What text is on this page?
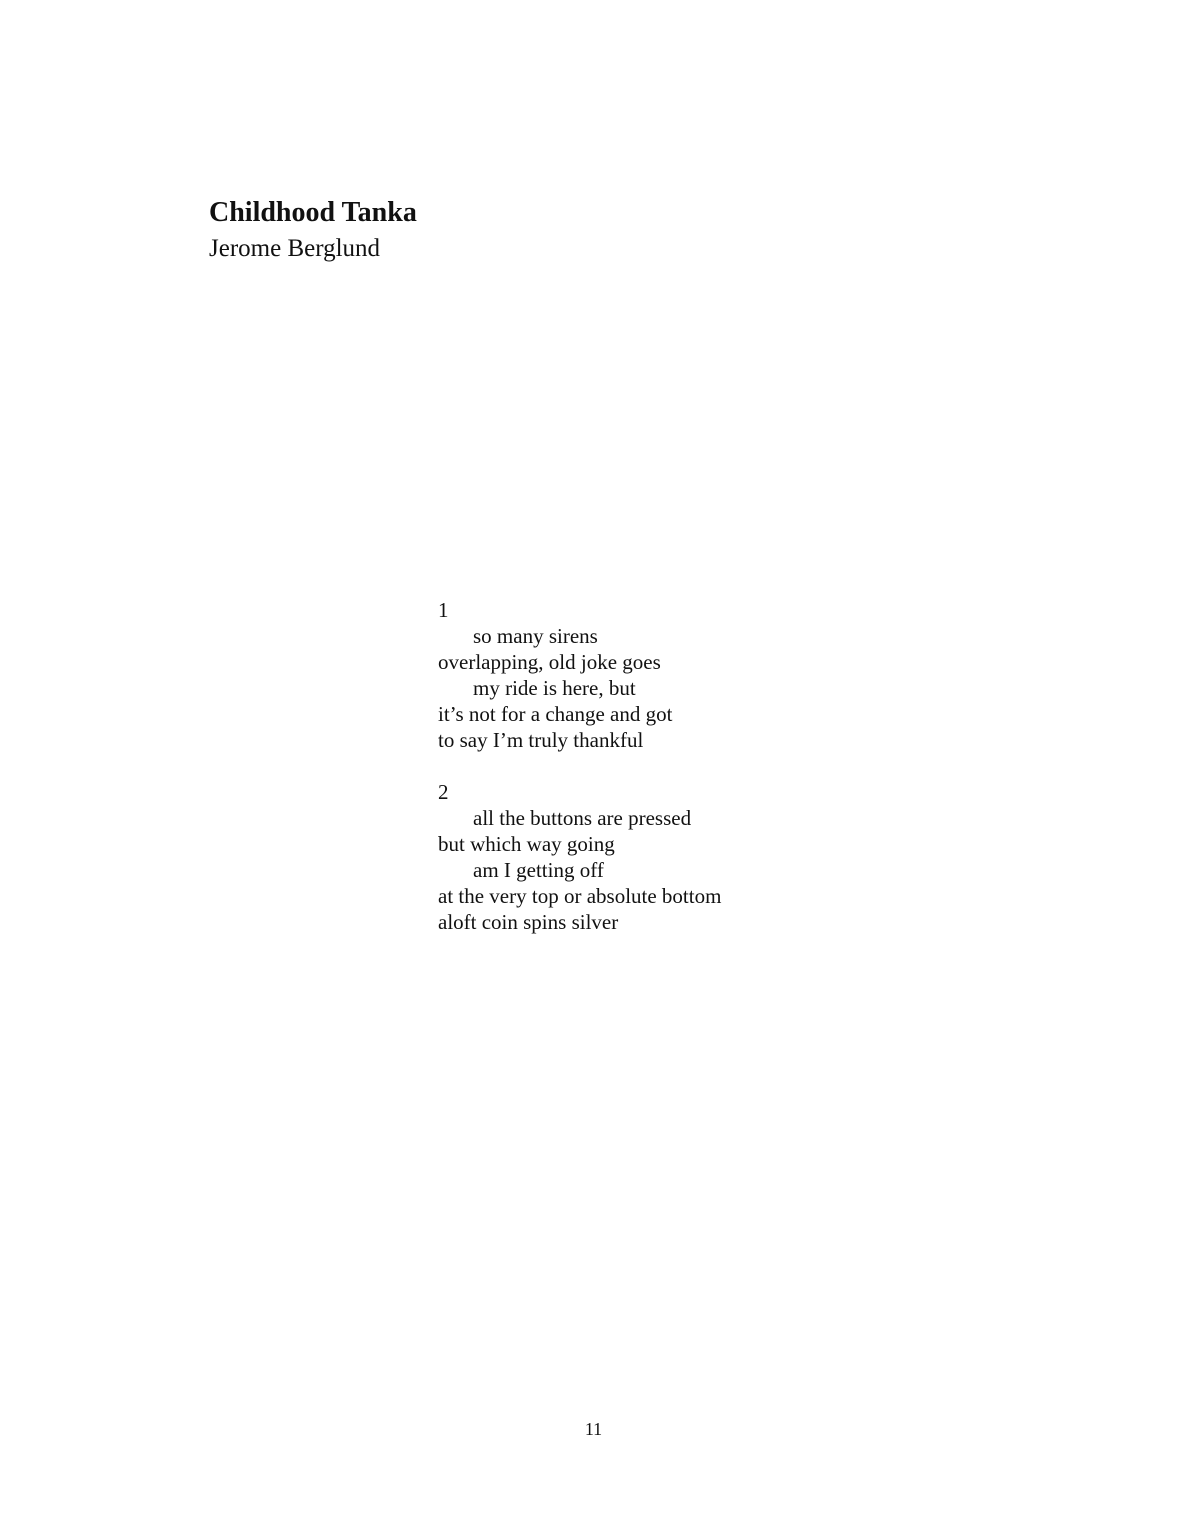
Childhood Tanka
Jerome Berglund
1
so many sirens
overlapping, old joke goes
my ride is here, but
it’s not for a change and got
to say I’m truly thankful
2
all the buttons are pressed
but which way going
am I getting off
at the very top or absolute bottom
aloft coin spins silver
11
